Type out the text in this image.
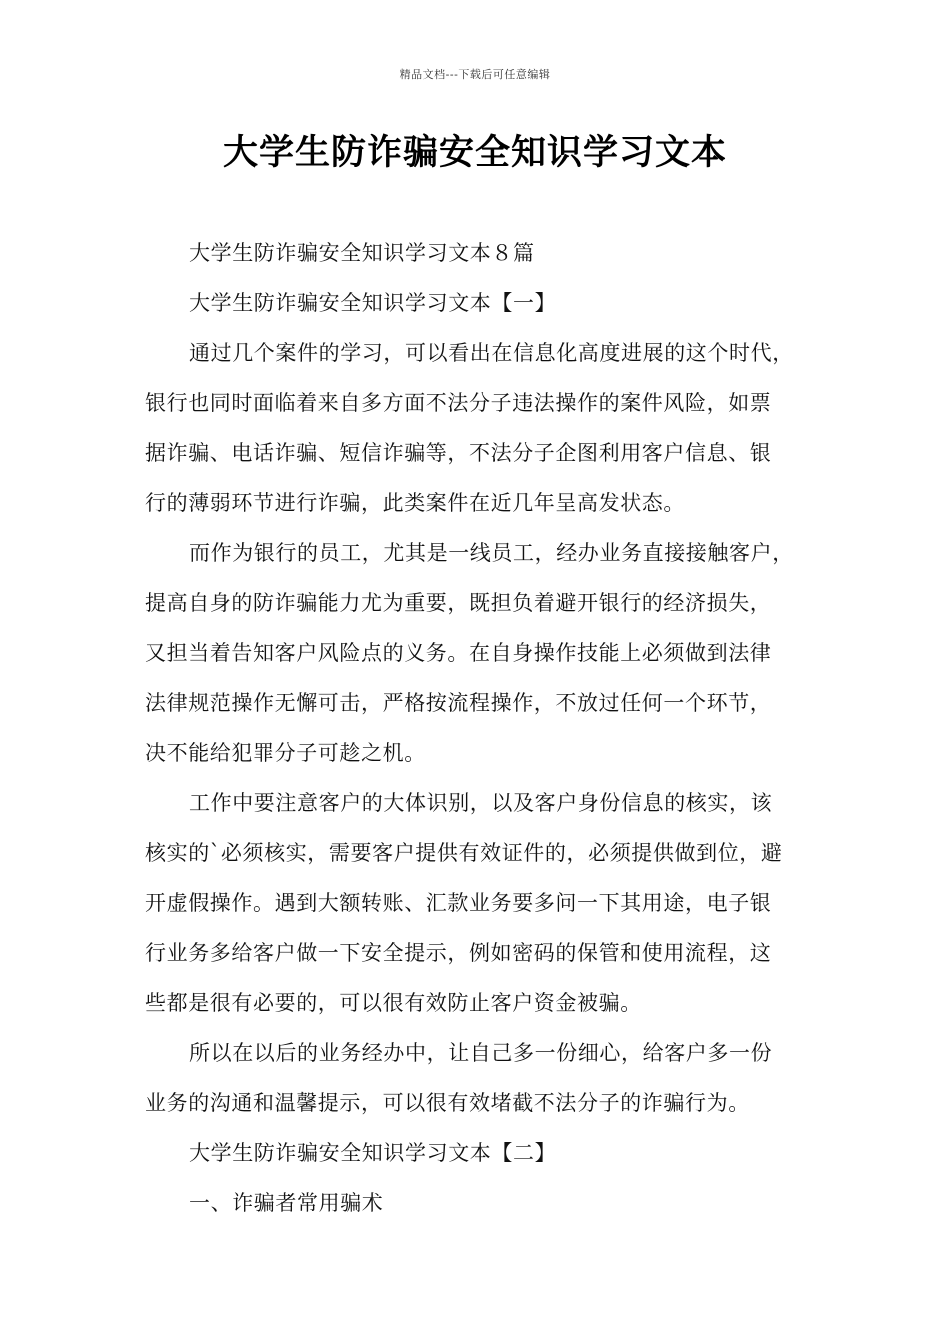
精品文档---下载后可任意编辑
大学生防诈骗安全知识学习文本

大学生防诈骗安全知识学习文本８篇

大学生防诈骗安全知识学习文本【一】

通过几个案件的学习，可以看出在信息化高度进展的这个时代，
银行也同时面临着来自多方面不法分子违法操作的案件风险，如票
据诈骗、电话诈骗、短信诈骗等，不法分子企图利用客户信息、银
行的薄弱环节进行诈骗，此类案件在近几年呈高发状态。

而作为银行的员工，尤其是一线员工，经办业务直接接触客户，
提高自身的防诈骗能力尤为重要，既担负着避开银行的经济损失，
又担当着告知客户风险点的义务。在自身操作技能上必须做到法律
法律规范操作无懈可击，严格按流程操作，不放过任何一个环节，
决不能给犯罪分子可趁之机。

工作中要注意客户的大体识别，以及客户身份信息的核实，该
核实的`必须核实，需要客户提供有效证件的，必须提供做到位，避
开虚假操作。遇到大额转账、汇款业务要多问一下其用途，电子银
行业务多给客户做一下安全提示，例如密码的保管和使用流程，这
些都是很有必要的，可以很有效防止客户资金被骗。

所以在以后的业务经办中，让自己多一份细心，给客户多一份
业务的沟通和温馨提示，可以很有效堵截不法分子的诈骗行为。

大学生防诈骗安全知识学习文本【二】

一、诈骗者常用骗术
